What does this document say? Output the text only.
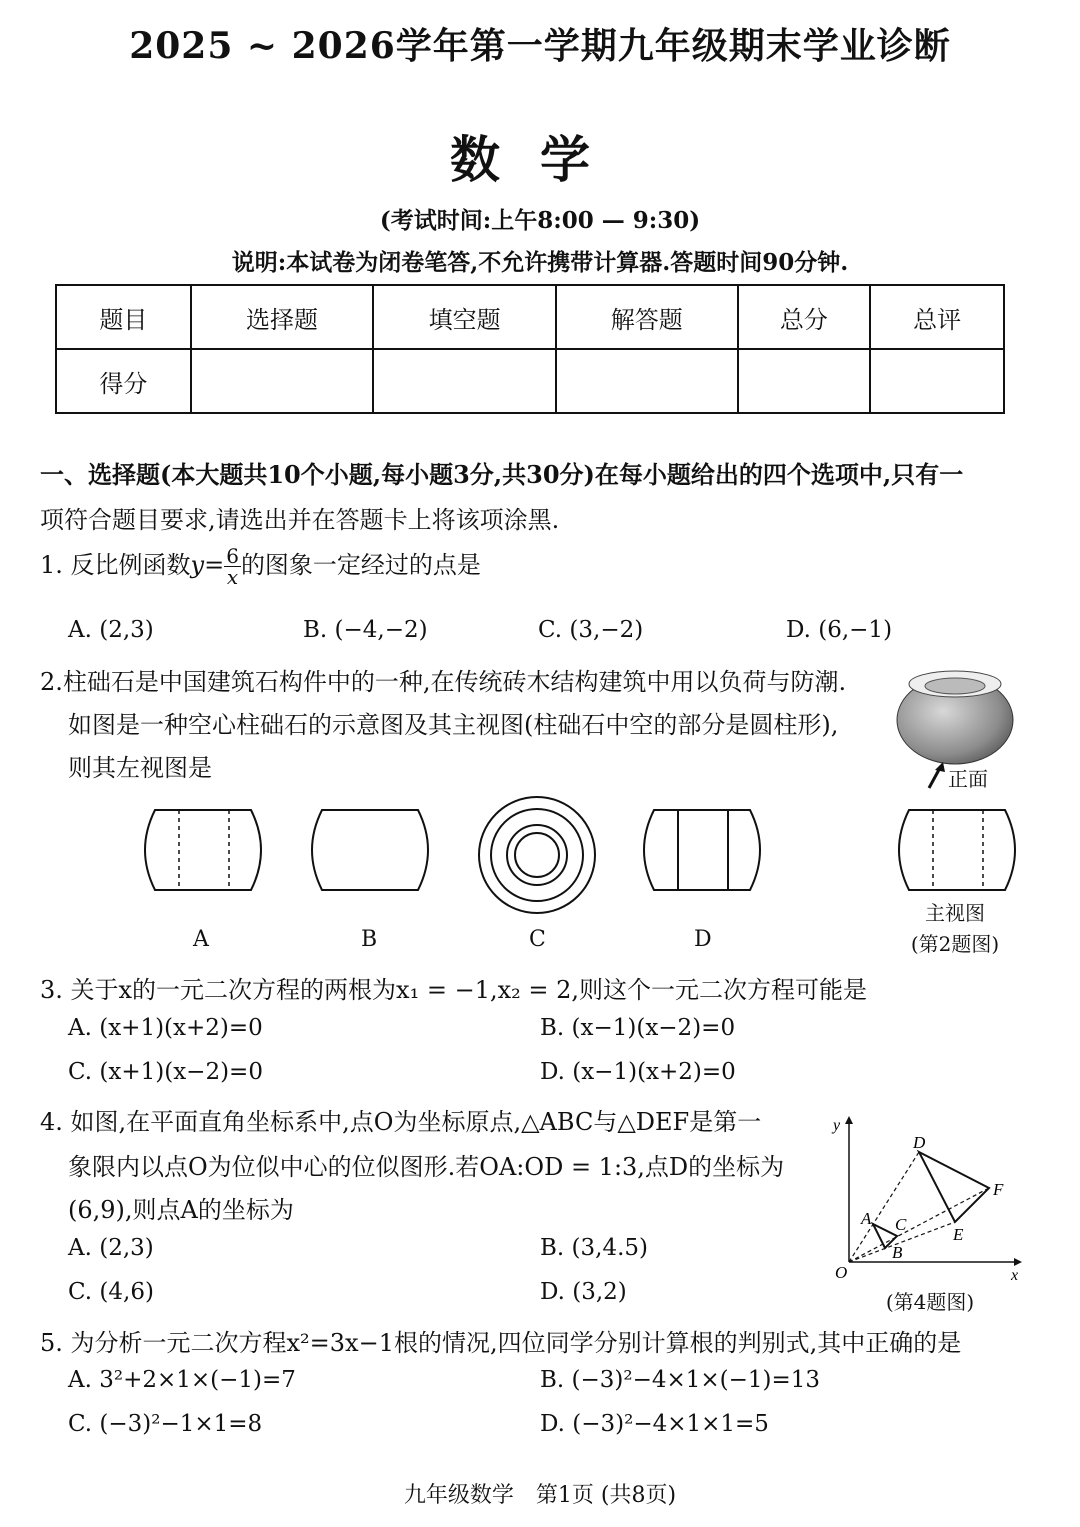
2025 ~ 2026学年第一学期九年级期末学业诊断
数学
(考试时间:上午8:00 — 9:30)
说明:本试卷为闭卷笔答,不允许携带计算器.答题时间90分钟.
题目	选择题	填空题	解答题	总分	总评
得分					
一、选择题(本大题共10个小题,每小题3分,共30分)在每小题给出的四个选项中,只有一
项符合题目要求,请选出并在答题卡上将该项涂黑.
1. 反比例函数$y= \frac{6}{x}$ 的图象一定经过的点是
A. (2,3)	B. (−4,−2)	C. (3,−2)	D. (6,−1)
2.柱础石是中国建筑石构件中的一种,在传统砖木结构建筑中用以负荷与防潮.
如图是一种空心柱础石的示意图及其主视图(柱础石中空的部分是圆柱形),
则其左视图是	正面
A	B	C	D
主视图
(第2题图)
3. 关于x的一元二次方程的两根为x₁ = −1,x₂ = 2,则这个一元二次方程可能是
A. (x+1)(x+2)=0	B. (x−1)(x−2)=0
C. (x+1)(x−2)=0	D. (x−1)(x+2)=0
4. 如图,在平面直角坐标系中,点O为坐标原点,△ABC与△DEF是第一
象限内以点O为位似中心的位似图形.若OA:OD = 1:3,点D的坐标为
(6,9),则点A的坐标为
A. (2,3)	B. (3,4.5)
C. (4,6)	D. (3,2)
D
F
A C
E
B
O
y
x
(第4题图)
5. 为分析一元二次方程x²=3x−1根的情况,四位同学分别计算根的判别式,其中正确的是
A. 3²+2×1×(−1)=7	B. (−3)²−4×1×(−1)=13
C. (−3)²−1×1=8	D. (−3)²−4×1×1=5
九年级数学　第1页 (共8页)
